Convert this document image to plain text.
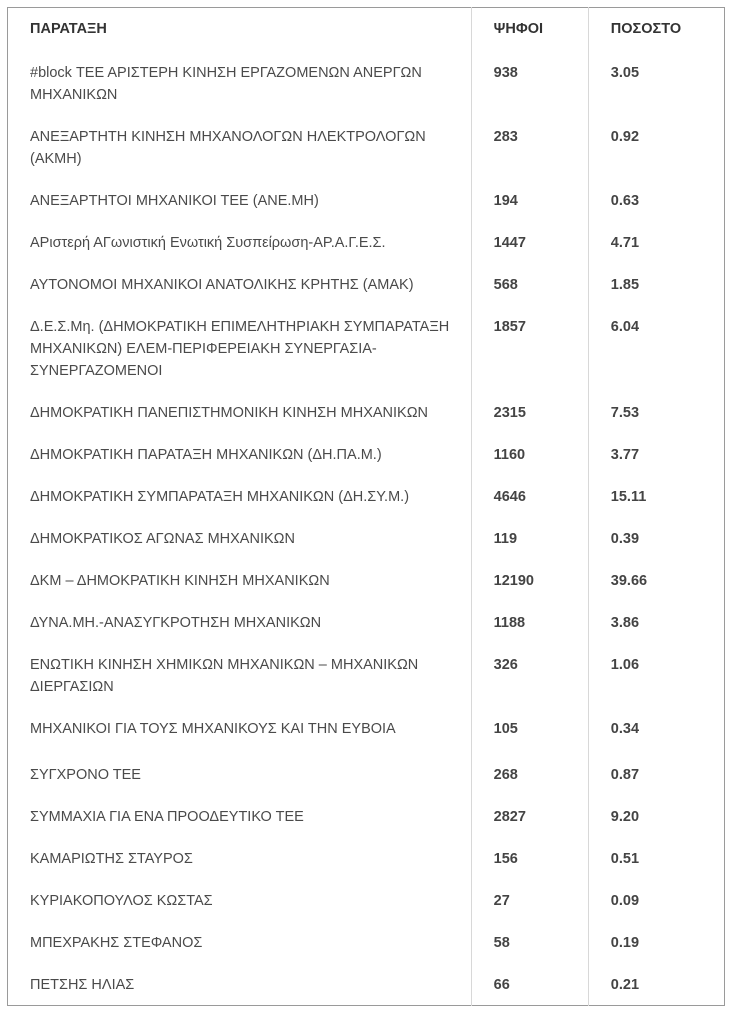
ΠΑΡΑΤΑΞΗ	ΨΗΦΟΙ	ΠΟΣΟΣΤΟ
#block ΤΕΕ ΑΡΙΣΤΕΡΗ ΚΙΝΗΣΗ ΕΡΓΑΖΟΜΕΝΩΝ ΑΝΕΡΓΩΝ ΜΗΧΑΝΙΚΩΝ	938	3.05
ΑΝΕΞΑΡΤΗΤΗ ΚΙΝΗΣΗ ΜΗΧΑΝΟΛΟΓΩΝ ΗΛΕΚΤΡΟΛΟΓΩΝ (ΑΚΜΗ)	283	0.92
ΑΝΕΞΑΡΤΗΤΟΙ ΜΗΧΑΝΙΚΟΙ ΤΕΕ (ΑΝΕ.ΜΗ)	194	0.63
ΑΡιστερή ΑΓωνιστική Ενωτική Συσπείρωση-ΑΡ.Α.Γ.Ε.Σ.	1447	4.71
ΑΥΤΟΝΟΜΟΙ ΜΗΧΑΝΙΚΟΙ ΑΝΑΤΟΛΙΚΗΣ ΚΡΗΤΗΣ (ΑΜΑΚ)	568	1.85
Δ.Ε.Σ.Μη. (ΔΗΜΟΚΡΑΤΙΚΗ ΕΠΙΜΕΛΗΤΗΡΙΑΚΗ ΣΥΜΠΑΡΑΤΑΞΗ ΜΗΧΑΝΙΚΩΝ) ΕΛΕΜ-ΠΕΡΙΦΕΡΕΙΑΚΗ ΣΥΝΕΡΓΑΣΙΑ-ΣΥΝΕΡΓΑΖΟΜΕΝΟΙ	1857	6.04
ΔΗΜΟΚΡΑΤΙΚΗ ΠΑΝΕΠΙΣΤΗΜΟΝΙΚΗ ΚΙΝΗΣΗ ΜΗΧΑΝΙΚΩΝ	2315	7.53
ΔΗΜΟΚΡΑΤΙΚΗ ΠΑΡΑΤΑΞΗ ΜΗΧΑΝΙΚΩΝ (ΔΗ.ΠΑ.Μ.)	1160	3.77
ΔΗΜΟΚΡΑΤΙΚΗ ΣΥΜΠΑΡΑΤΑΞΗ ΜΗΧΑΝΙΚΩΝ (ΔΗ.ΣΥ.Μ.)	4646	15.11
ΔΗΜΟΚΡΑΤΙΚΟΣ ΑΓΩΝΑΣ ΜΗΧΑΝΙΚΩΝ	119	0.39
ΔΚΜ – ΔΗΜΟΚΡΑΤΙΚΗ ΚΙΝΗΣΗ ΜΗΧΑΝΙΚΩΝ	12190	39.66
ΔΥΝΑ.ΜΗ.-ΑΝΑΣΥΓΚΡΟΤΗΣΗ ΜΗΧΑΝΙΚΩΝ	1188	3.86
ΕΝΩΤΙΚΗ ΚΙΝΗΣΗ ΧΗΜΙΚΩΝ ΜΗΧΑΝΙΚΩΝ – ΜΗΧΑΝΙΚΩΝ ΔΙΕΡΓΑΣΙΩΝ	326	1.06
ΜΗΧΑΝΙΚΟΙ ΓΙΑ ΤΟΥΣ ΜΗΧΑΝΙΚΟΥΣ ΚΑΙ ΤΗΝ ΕΥΒΟΙΑ	105	0.34
ΣΥΓΧΡΟΝΟ ΤΕΕ	268	0.87
ΣΥΜΜΑΧΙΑ ΓΙΑ ΕΝΑ ΠΡΟΟΔΕΥΤΙΚΟ ΤΕΕ	2827	9.20
ΚΑΜΑΡΙΩΤΗΣ ΣΤΑΥΡΟΣ	156	0.51
ΚΥΡΙΑΚΟΠΟΥΛΟΣ ΚΩΣΤΑΣ	27	0.09
ΜΠΕΧΡΑΚΗΣ ΣΤΕΦΑΝΟΣ	58	0.19
ΠΕΤΣΗΣ ΗΛΙΑΣ	66	0.21
